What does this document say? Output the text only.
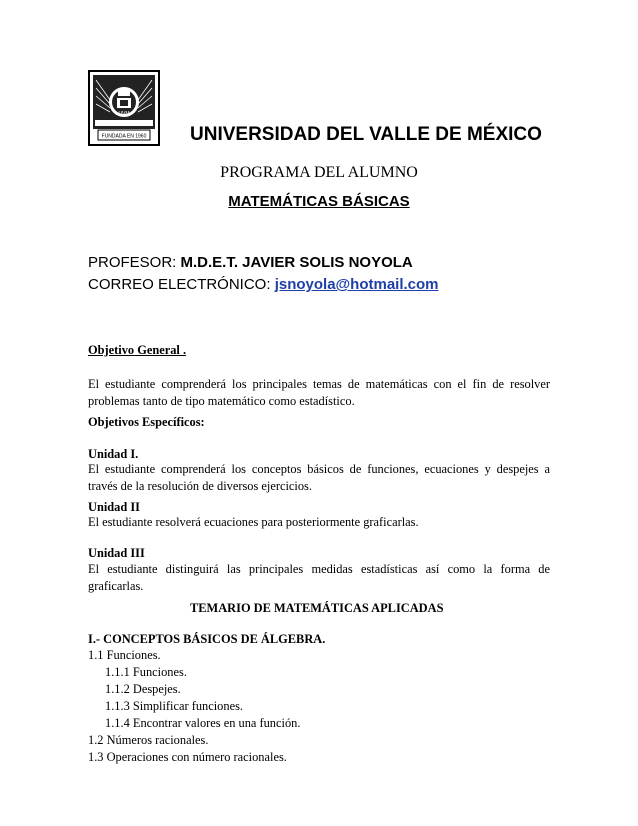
UVM
FUNDADA EN 1960 UNIVERSIDAD DEL VALLE DE MÉXICO
PROGRAMA DEL ALUMNO
MATEMÁTICAS BÁSICAS
PROFESOR: M.D.E.T. JAVIER SOLIS NOYOLA
CORREO ELECTRÓNICO: jsnoyola@hotmail.com
Objetivo General .
El estudiante comprenderá los principales temas de matemáticas con el fin de resolver problemas tanto de tipo matemático como estadístico.
Objetivos Específicos:
Unidad I.
El estudiante comprenderá los conceptos básicos de funciones, ecuaciones y despejes a través de la resolución de diversos ejercicios.
Unidad II
El estudiante resolverá ecuaciones para posteriormente graficarlas.
Unidad III
El estudiante distinguirá las principales medidas estadísticas así como la forma de graficarlas.
TEMARIO DE MATEMÁTICAS APLICADAS
I.- CONCEPTOS BÁSICOS DE ÁLGEBRA.
1.1 Funciones.
1.1.1 Funciones.
1.1.2 Despejes.
1.1.3 Simplificar funciones.
1.1.4 Encontrar valores en una función.
1.2 Números racionales.
1.3 Operaciones con número racionales.
